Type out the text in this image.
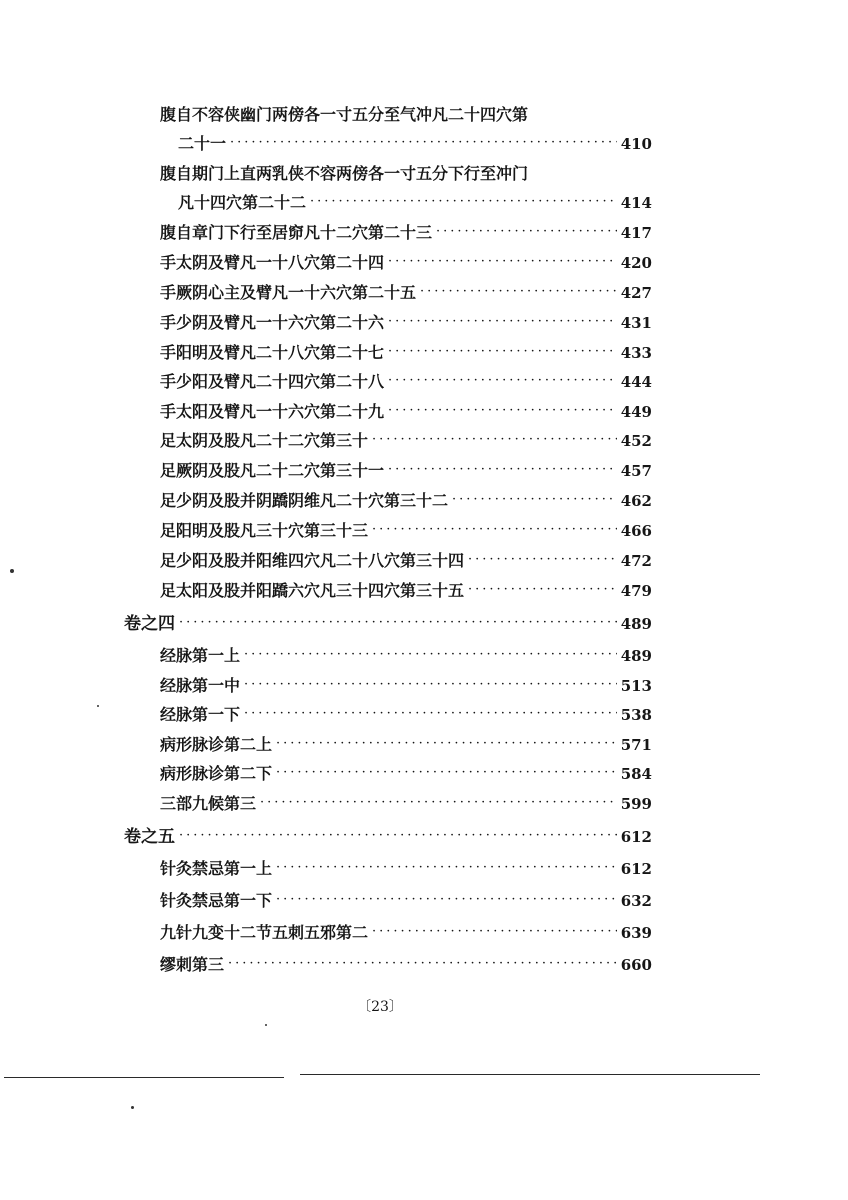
腹自不容侠幽门两傍各一寸五分至气冲凡二十四穴第
二十一 ·····	410
腹自期门上直两乳侠不容两傍各一寸五分下行至冲门
凡十四穴第二十二 ·····	414
腹自章门下行至居窌凡十二穴第二十三 ·····	417
手太阴及臂凡一十八穴第二十四 ·····	420
手厥阴心主及臂凡一十六穴第二十五 ·····	427
手少阴及臂凡一十六穴第二十六 ·····	431
手阳明及臂凡二十八穴第二十七 ·····	433
手少阳及臂凡二十四穴第二十八 ·····	444
手太阳及臂凡一十六穴第二十九 ·····	449
足太阴及股凡二十二穴第三十 ·····	452
足厥阴及股凡二十二穴第三十一 ·····	457
足少阴及股并阴蹻阴维凡二十穴第三十二 ·····	462
足阳明及股凡三十穴第三十三 ·····	466
足少阳及股并阳维四穴凡二十八穴第三十四 ·····	472
足太阳及股并阳蹻六穴凡三十四穴第三十五 ·····	479
卷之四 ·····	489
经脉第一上 ·····	489
经脉第一中 ·····	513
经脉第一下 ·····	538
病形脉诊第二上 ·····	571
病形脉诊第二下 ·····	584
三部九候第三 ·····	599
卷之五 ·····	612
针灸禁忌第一上 ·····	612
针灸禁忌第一下 ·····	632
九针九变十二节五刺五邪第二 ·····	639
缪刺第三 ·····	660
〔23〕
